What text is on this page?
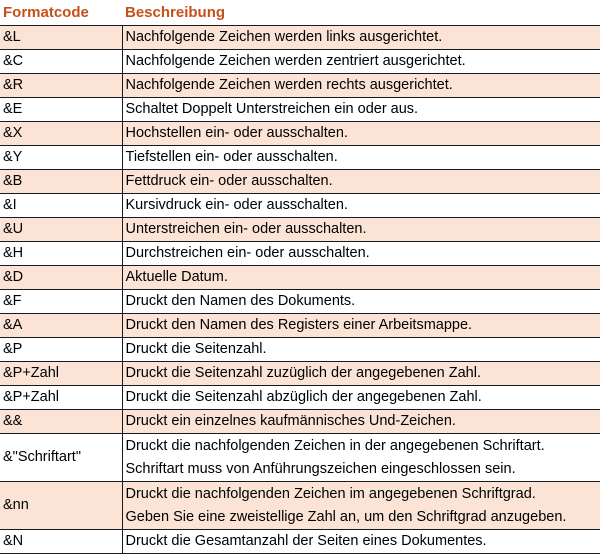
Formatcode	Beschreibung
&L	Nachfolgende Zeichen werden links ausgerichtet.

&C	Nachfolgende Zeichen werden zentriert ausgerichtet.

&R	Nachfolgende Zeichen werden rechts ausgerichtet.

&E	Schaltet Doppelt Unterstreichen ein oder aus.

&X	Hochstellen ein- oder ausschalten.

&Y	Tiefstellen ein- oder ausschalten.

&B	Fettdruck ein- oder ausschalten.

&I	Kursivdruck ein- oder ausschalten.

&U	Unterstreichen ein- oder ausschalten.

&H	Durchstreichen ein- oder ausschalten.

&D	Aktuelle Datum.

&F	Druckt den Namen des Dokuments.

&A	Druckt den Namen des Registers einer Arbeitsmappe.

&P	Druckt die Seitenzahl.

&P+Zahl	Druckt die Seitenzahl zuzüglich der angegebenen Zahl.

&P+Zahl	Druckt die Seitenzahl abzüglich der angegebenen Zahl.

&&	Druckt ein einzelnes kaufmännisches Und-Zeichen.

&"Schriftart"	Druckt die nachfolgenden Zeichen in der angegebenen Schriftart.
Schriftart muss von Anführungszeichen eingeschlossen sein.

&nn	Druckt die nachfolgenden Zeichen im angegebenen Schriftgrad.
Geben Sie eine zweistellige Zahl an, um den Schriftgrad anzugeben.

&N	Druckt die Gesamtanzahl der Seiten eines Dokumentes.
